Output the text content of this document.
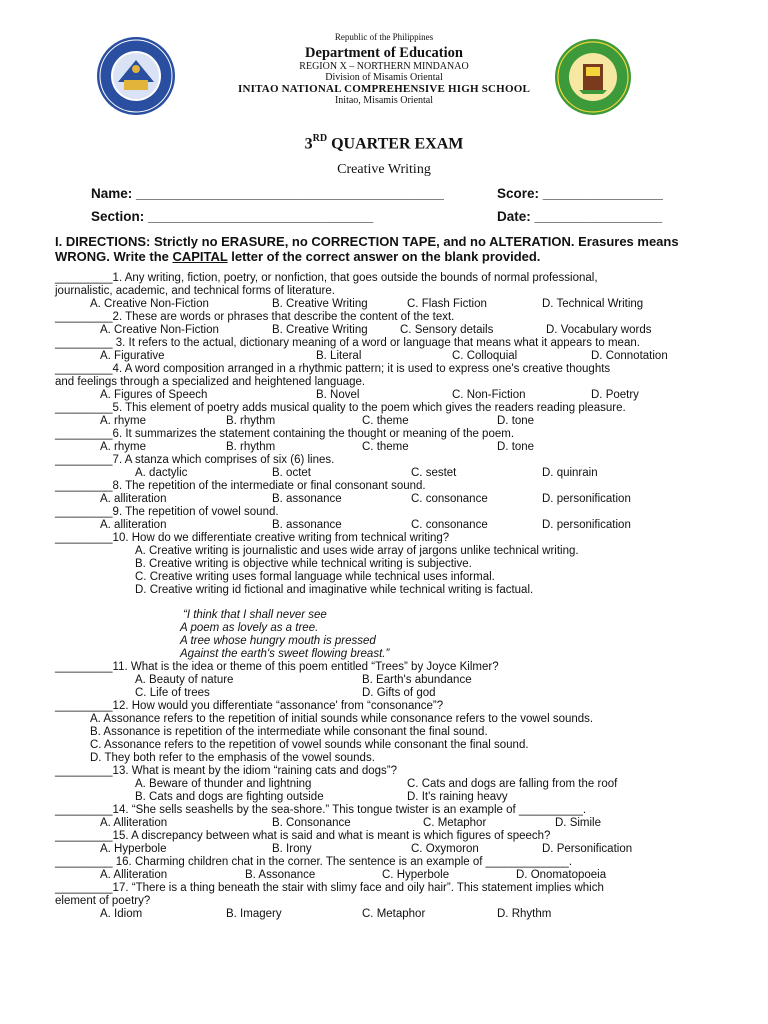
Republic of the Philippines
Department of Education
REGION X – NORTHERN MINDANAO
Division of Misamis Oriental
INITAO NATIONAL COMPREHENSIVE HIGH SCHOOL
Initao, Misamis Oriental
3RD QUARTER EXAM
Creative Writing
Name: _________________________________________	Score: ________________
Section: ______________________________	Date: _________________
I. DIRECTIONS: Strictly no ERASURE, no CORRECTION TAPE, and no ALTERATION. Erasures means WRONG. Write the CAPITAL letter of the correct answer on the blank provided.
_________1. Any writing, fiction, poetry, or nonfiction, that goes outside the bounds of normal professional,
journalistic, academic, and technical forms of literature.
A. Creative Non-Fiction	B. Creative Writing	C. Flash Fiction	D. Technical Writing
_________2. These are words or phrases that describe the content of the text.
A. Creative Non-Fiction	B. Creative Writing	C. Sensory details	D. Vocabulary words
_________ 3. It refers to the actual, dictionary meaning of a word or language that means what it appears to mean.
A. Figurative	B. Literal	C. Colloquial	D. Connotation
_________4. A word composition arranged in a rhythmic pattern; it is used to express one's creative thoughts
and feelings through a specialized and heightened language.
A. Figures of Speech	B. Novel	C. Non-Fiction	D. Poetry
_________5. This element of poetry adds musical quality to the poem which gives the readers reading pleasure.
A. rhyme	B. rhythm	C. theme	D. tone
_________6. It summarizes the statement containing the thought or meaning of the poem.
A. rhyme	B. rhythm	C. theme	D. tone
_________7. A stanza which comprises of six (6) lines.
A. dactylic	B. octet	C. sestet	D. quinrain
_________8. The repetition of the intermediate or final consonant sound.
A. alliteration	B. assonance	C. consonance	D. personification
_________9. The repetition of vowel sound.
A. alliteration	B. assonance	C. consonance	D. personification
_________10. How do we differentiate creative writing from technical writing?
A. Creative writing is journalistic and uses wide array of jargons unlike technical writing.
B. Creative writing is objective while technical writing is subjective.
C. Creative writing uses formal language while technical uses informal.
D. Creative writing id fictional and imaginative while technical writing is factual.
“I think that I shall never see
A poem as lovely as a tree.
A tree whose hungry mouth is pressed
Against the earth's sweet flowing breast.”
_________11. What is the idea or theme of this poem entitled “Trees” by Joyce Kilmer?
A. Beauty of nature	B. Earth's abundance
C. Life of trees	D. Gifts of god
_________12. How would you differentiate “assonance' from “consonance”?
A. Assonance refers to the repetition of initial sounds while consonance refers to the vowel sounds.
B. Assonance is repetition of the intermediate while consonant the final sound.
C. Assonance refers to the repetition of vowel sounds while consonant the final sound.
D. They both refer to the emphasis of the vowel sounds.
_________13. What is meant by the idiom “raining cats and dogs”?
A. Beware of thunder and lightning	C. Cats and dogs are falling from the roof
B. Cats and dogs are fighting outside	D. It's raining heavy
_________14. “She sells seashells by the sea-shore.” This tongue twister is an example of __________.
A. Alliteration	B. Consonance	C. Metaphor	D. Simile
_________15. A discrepancy between what is said and what is meant is which figures of speech?
A. Hyperbole	B. Irony	C. Oxymoron	D. Personification
_________ 16. Charming children chat in the corner. The sentence is an example of _____________.
A. Alliteration	B. Assonance	C. Hyperbole	D. Onomatopoeia
_________17. “There is a thing beneath the stair with slimy face and oily hair”. This statement implies which
element of poetry?
A. Idiom	B. Imagery	C. Metaphor	D. Rhythm
